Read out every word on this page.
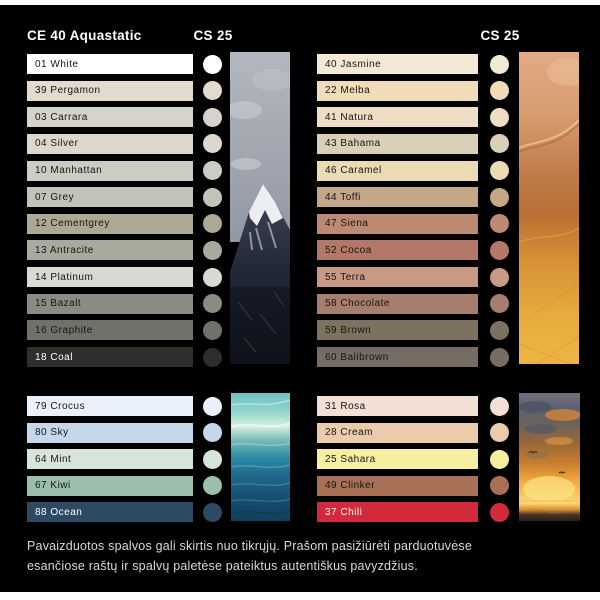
CE 40 Aquastatic	CS 25	CS 25
01 White
39 Pergamon
03 Carrara
04 Silver
10 Manhattan
07 Grey
12 Cementgrey
13 Antracite
14 Platinum
15 Bazalt
16 Graphite
18 Coal
40 Jasmine
22 Melba
41 Natura
43 Bahama
46 Caramel
44 Toffi
47 Siena
52 Cocoa
55 Terra
58 Chocolate
59 Brown
60 Balibrown
79 Crocus
80 Sky
64 Mint
67 Kiwi
88 Ocean
31 Rosa
28 Cream
25 Sahara
49 Clinker
37 Chili

Pavaizduotos spalvos gali skirtis nuo tikrųjų. Prašom pasižiūrėti parduotuvėse

esančiose raštų ir spalvų paletėse pateiktus autentiškus pavyzdžius.
